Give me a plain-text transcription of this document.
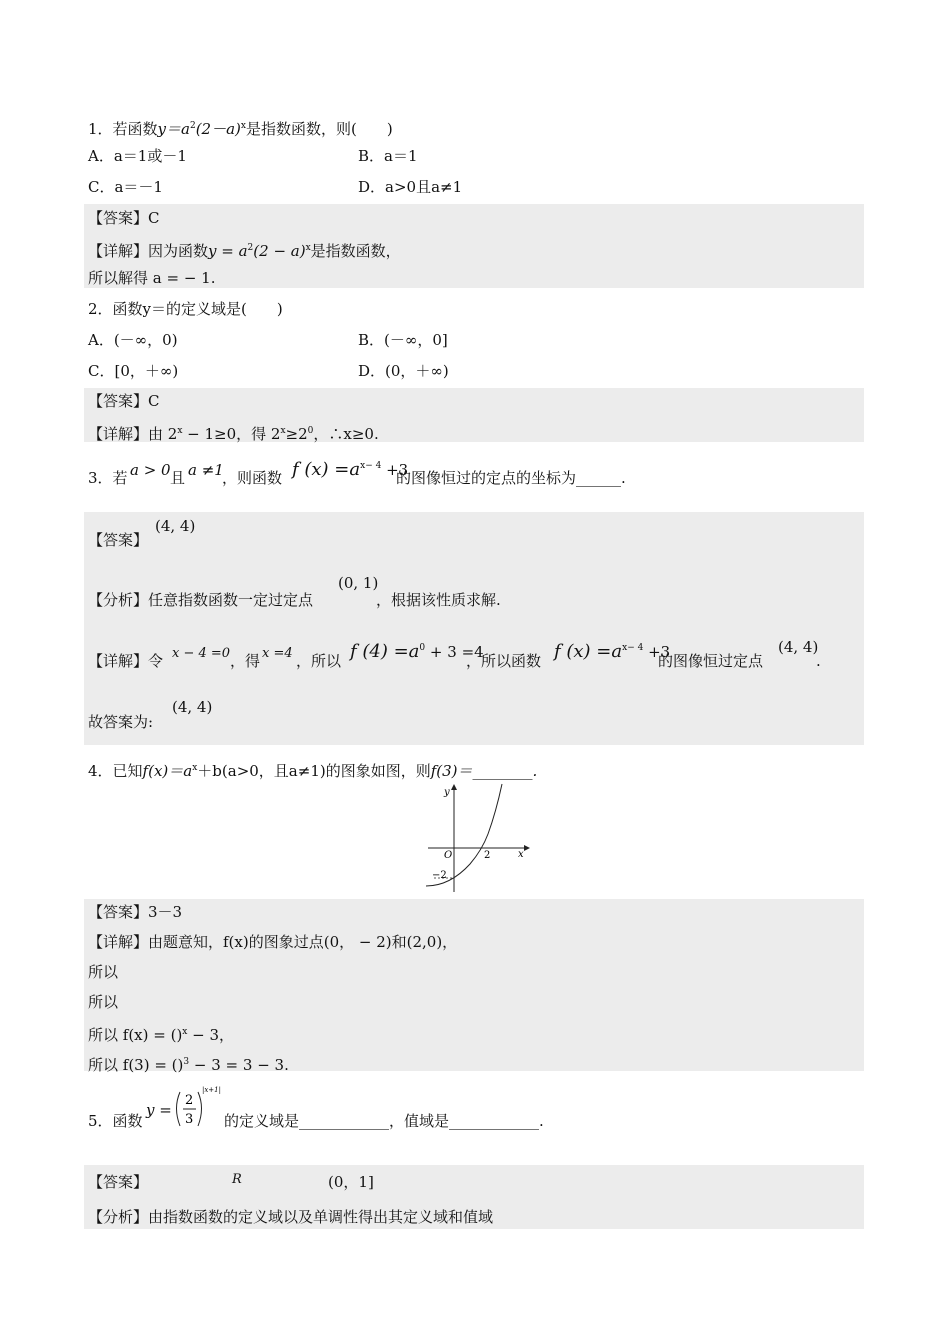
1．若函数$y=a^2(2-a)^x$是指数函数，则(　　)
A．a＝1或－1	B．a＝1
C．a＝－1	D．a>0且a≠1
【答案】C
【详解】因为函数$y = a^2(2 - a)^x$是指数函数，
所以解得 a = − 1.
2．函数y＝的定义域是(　　)
A．(－∞，0)	B．(－∞，0]
C．[0，＋∞)	D．(0，＋∞)
【答案】C
【详解】由 $2^x - 1\ge 0$，得 $2^x\ge 2^0$，∴x≥0.
3．若 a > 0 且 a ≠1
，则函数 f $(x) =a^{x- 4} +3$
的图像恒过的定点的坐标为______.
(4, 4)
【答案】
【分析】任意指数函数一定过定点
(0, 1)
，根据该性质求解.
【详解】令 x − 4 =0 ，得 x =4 ，所以 f $(4) =a^0 + 3 =4$
，所以函数 f $(x) =a^{x- 4} +3$
的图像恒过定点
(4, 4)
.
故答案为:
(4, 4)
4．已知$f(x)=a^x+b(a>0$，且a≠1)的图象如图，则f(3)＝________.
y
x
O	2
−2
【答案】3－3
【详解】由题意知，f(x)的图象过点(0， − 2)和(2,0)，
所以
所以
所以 f(x) = ()$^x$ − 3，
所以 f(3) = ()$^3$ − 3 = 3 − 3.
5．函数
y =
2
3
|x+1|
的定义域是____________，值域是____________.
【答案】	R	(0，1]
【分析】由指数函数的定义域以及单调性得出其定义域和值域
